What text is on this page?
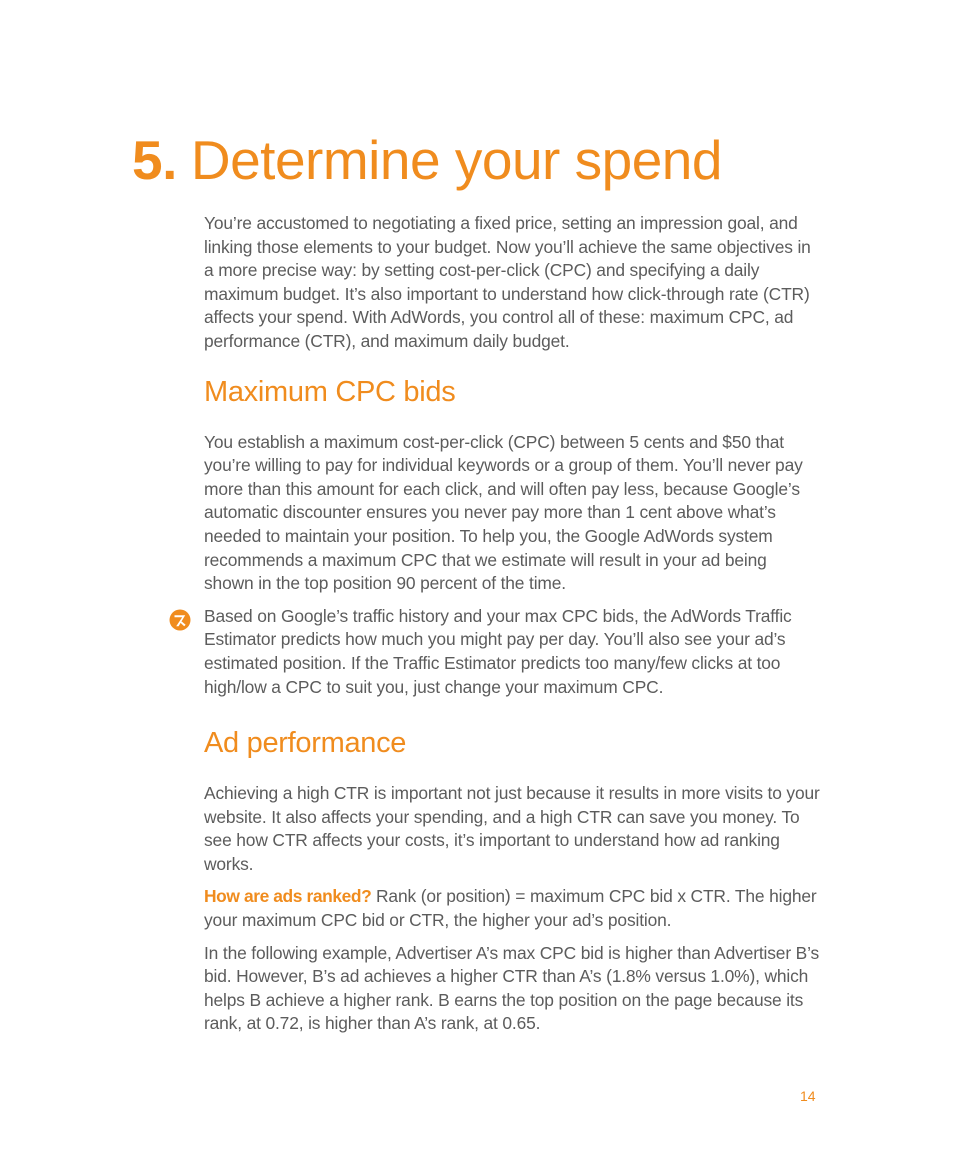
5. Determine your spend

You’re accustomed to negotiating a fixed price, setting an impression goal, and linking those elements to your budget. Now you’ll achieve the same objectives in a more precise way: by setting cost-per-click (CPC) and specifying a daily maximum budget. It’s also important to understand how click-through rate (CTR) affects your spend. With AdWords, you control all of these: maximum CPC, ad performance (CTR), and maximum daily budget.

Maximum CPC bids

You establish a maximum cost-per-click (CPC) between 5 cents and $50 that you’re willing to pay for individual keywords or a group of them. You’ll never pay more than this amount for each click, and will often pay less, because Google’s automatic discounter ensures you never pay more than 1 cent above what’s needed to maintain your position. To help you, the Google AdWords system recommends a maximum CPC that we estimate will result in your ad being shown in the top position 90 percent of the time.

Based on Google’s traffic history and your max CPC bids, the AdWords Traffic Estimator predicts how much you might pay per day. You’ll also see your ad’s estimated position. If the Traffic Estimator predicts too many/few clicks at too high/low a CPC to suit you, just change your maximum CPC.

Ad performance

Achieving a high CTR is important not just because it results in more visits to your website. It also affects your spending, and a high CTR can save you money. To see how CTR affects your costs, it’s important to understand how ad ranking works.

How are ads ranked? Rank (or position) = maximum CPC bid x CTR. The higher your maximum CPC bid or CTR, the higher your ad’s position.

In the following example, Advertiser A’s max CPC bid is higher than Advertiser B’s bid. However, B’s ad achieves a higher CTR than A’s (1.8% versus 1.0%), which helps B achieve a higher rank. B earns the top position on the page because its rank, at 0.72, is higher than A’s rank, at 0.65.

14
